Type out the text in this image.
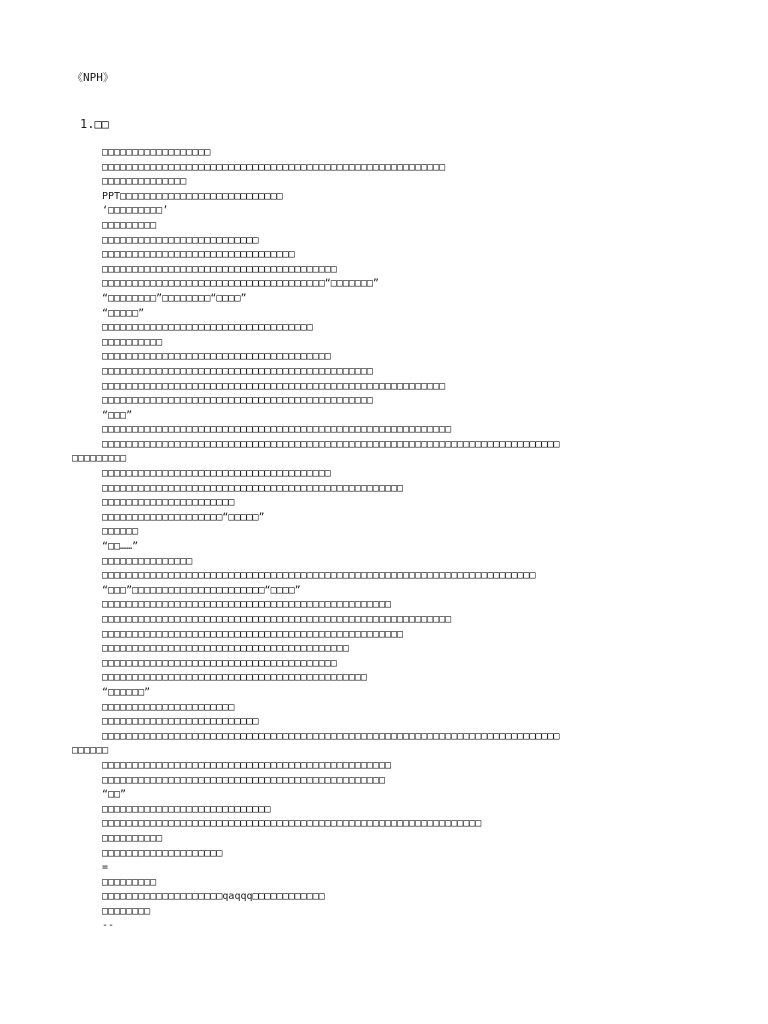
《NPH》
1.□□
□□□□□□□□□□□□□□□□□□
□□□□□□□□□□□□□□□□□□□□□□□□□□□□□□□□□□□□□□□□□□□□□□□□□□□□□□□□□
□□□□□□□□□□□□□□
PPT□□□□□□□□□□□□□□□□□□□□□□□□□□□
‘□□□□□□□□□’
□□□□□□□□□
□□□□□□□□□□□□□□□□□□□□□□□□□□
□□□□□□□□□□□□□□□□□□□□□□□□□□□□□□□□
□□□□□□□□□□□□□□□□□□□□□□□□□□□□□□□□□□□□□□□
□□□□□□□□□□□□□□□□□□□□□□□□□□□□□□□□□□□□□“□□□□□□□”
“□□□□□□□□”□□□□□□□□“□□□□”
“□□□□□”
□□□□□□□□□□□□□□□□□□□□□□□□□□□□□□□□□□□
□□□□□□□□□□
□□□□□□□□□□□□□□□□□□□□□□□□□□□□□□□□□□□□□□
□□□□□□□□□□□□□□□□□□□□□□□□□□□□□□□□□□□□□□□□□□□□□
□□□□□□□□□□□□□□□□□□□□□□□□□□□□□□□□□□□□□□□□□□□□□□□□□□□□□□□□□
□□□□□□□□□□□□□□□□□□□□□□□□□□□□□□□□□□□□□□□□□□□□□
“□□□”
□□□□□□□□□□□□□□□□□□□□□□□□□□□□□□□□□□□□□□□□□□□□□□□□□□□□□□□□□□
□□□□□□□□□□□□□□□□□□□□□□□□□□□□□□□□□□□□□□□□□□□□□□□□□□□□□□□□□□□□□□□□□□□□□□□□□□□□
□□□□□□□□□
□□□□□□□□□□□□□□□□□□□□□□□□□□□□□□□□□□□□□□
□□□□□□□□□□□□□□□□□□□□□□□□□□□□□□□□□□□□□□□□□□□□□□□□□□
□□□□□□□□□□□□□□□□□□□□□□
□□□□□□□□□□□□□□□□□□□□“□□□□□”
□□□□□□
“□□……”
□□□□□□□□□□□□□□□
□□□□□□□□□□□□□□□□□□□□□□□□□□□□□□□□□□□□□□□□□□□□□□□□□□□□□□□□□□□□□□□□□□□□□□□□
“□□□”□□□□□□□□□□□□□□□□□□□□□□“□□□□”
□□□□□□□□□□□□□□□□□□□□□□□□□□□□□□□□□□□□□□□□□□□□□□□□
□□□□□□□□□□□□□□□□□□□□□□□□□□□□□□□□□□□□□□□□□□□□□□□□□□□□□□□□□□
□□□□□□□□□□□□□□□□□□□□□□□□□□□□□□□□□□□□□□□□□□□□□□□□□□
□□□□□□□□□□□□□□□□□□□□□□□□□□□□□□□□□□□□□□□□□
□□□□□□□□□□□□□□□□□□□□□□□□□□□□□□□□□□□□□□□
□□□□□□□□□□□□□□□□□□□□□□□□□□□□□□□□□□□□□□□□□□□□
“□□□□□□”
□□□□□□□□□□□□□□□□□□□□□□
□□□□□□□□□□□□□□□□□□□□□□□□□□
□□□□□□□□□□□□□□□□□□□□□□□□□□□□□□□□□□□□□□□□□□□□□□□□□□□□□□□□□□□□□□□□□□□□□□□□□□□□
□□□□□□
□□□□□□□□□□□□□□□□□□□□□□□□□□□□□□□□□□□□□□□□□□□□□□□□
□□□□□□□□□□□□□□□□□□□□□□□□□□□□□□□□□□□□□□□□□□□□□□□
“□□”
□□□□□□□□□□□□□□□□□□□□□□□□□□□□
□□□□□□□□□□□□□□□□□□□□□□□□□□□□□□□□□□□□□□□□□□□□□□□□□□□□□□□□□□□□□□□
□□□□□□□□□□
□□□□□□□□□□□□□□□□□□□□
=
□□□□□□□□□
□□□□□□□□□□□□□□□□□□□□qaqqq□□□□□□□□□□□□
□□□□□□□□
--
